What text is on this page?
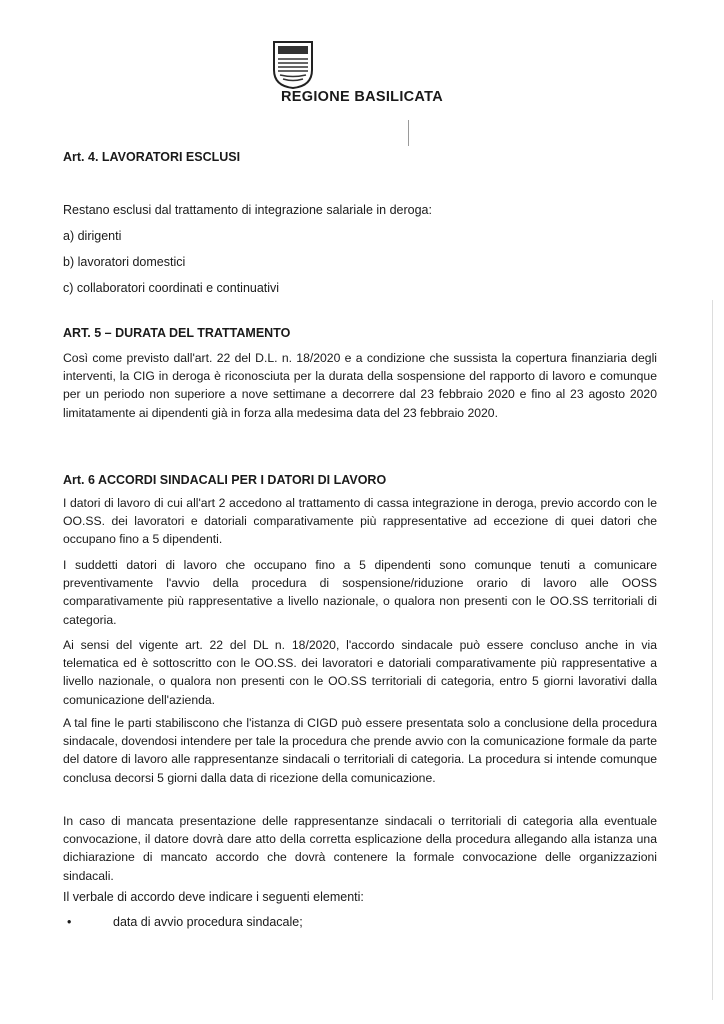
REGIONE BASILICATA
Art. 4. LAVORATORI ESCLUSI
Restano esclusi dal trattamento di integrazione salariale in deroga:
a) dirigenti
b) lavoratori domestici
c) collaboratori coordinati e continuativi
ART. 5 – DURATA DEL TRATTAMENTO
Così come previsto dall'art. 22 del D.L. n. 18/2020 e a condizione che sussista la copertura finanziaria degli interventi, la CIG in deroga è riconosciuta per la durata della sospensione del rapporto di lavoro e comunque per un periodo non superiore a nove settimane a decorrere dal 23 febbraio 2020 e fino al 23 agosto 2020 limitatamente ai dipendenti già in forza alla medesima data del 23 febbraio 2020.
Art. 6 ACCORDI SINDACALI PER I DATORI DI LAVORO
I datori di lavoro di cui all'art 2 accedono al trattamento di cassa integrazione in deroga, previo accordo con le OO.SS. dei lavoratori e datoriali comparativamente più rappresentative ad eccezione di quei datori che occupano fino a 5 dipendenti.
I suddetti datori di lavoro che occupano fino a 5 dipendenti sono comunque tenuti a comunicare preventivamente l'avvio della procedura di sospensione/riduzione orario di lavoro alle OOSS comparativamente più rappresentative a livello nazionale, o qualora non presenti con le OO.SS territoriali di categoria.
Ai sensi del vigente art. 22 del DL n. 18/2020, l'accordo sindacale può essere concluso anche in via telematica ed è sottoscritto con le OO.SS. dei lavoratori e datoriali comparativamente più rappresentative a livello nazionale, o qualora non presenti con le OO.SS territoriali di categoria, entro 5 giorni lavorativi dalla comunicazione dell'azienda.
A tal fine le parti stabiliscono che l'istanza di CIGD può essere presentata solo a conclusione della procedura sindacale, dovendosi intendere per tale la procedura che prende avvio con la comunicazione formale da parte del datore di lavoro alle rappresentanze sindacali o territoriali di categoria. La procedura si intende comunque conclusa decorsi 5 giorni dalla data di ricezione della comunicazione.
In caso di mancata presentazione delle rappresentanze sindacali o territoriali di categoria alla eventuale convocazione, il datore dovrà dare atto della corretta esplicazione della procedura allegando alla istanza una dichiarazione di mancato accordo che dovrà contenere la formale convocazione delle organizzazioni sindacali.
Il verbale di accordo deve indicare i seguenti elementi:
•	data di avvio procedura sindacale;
